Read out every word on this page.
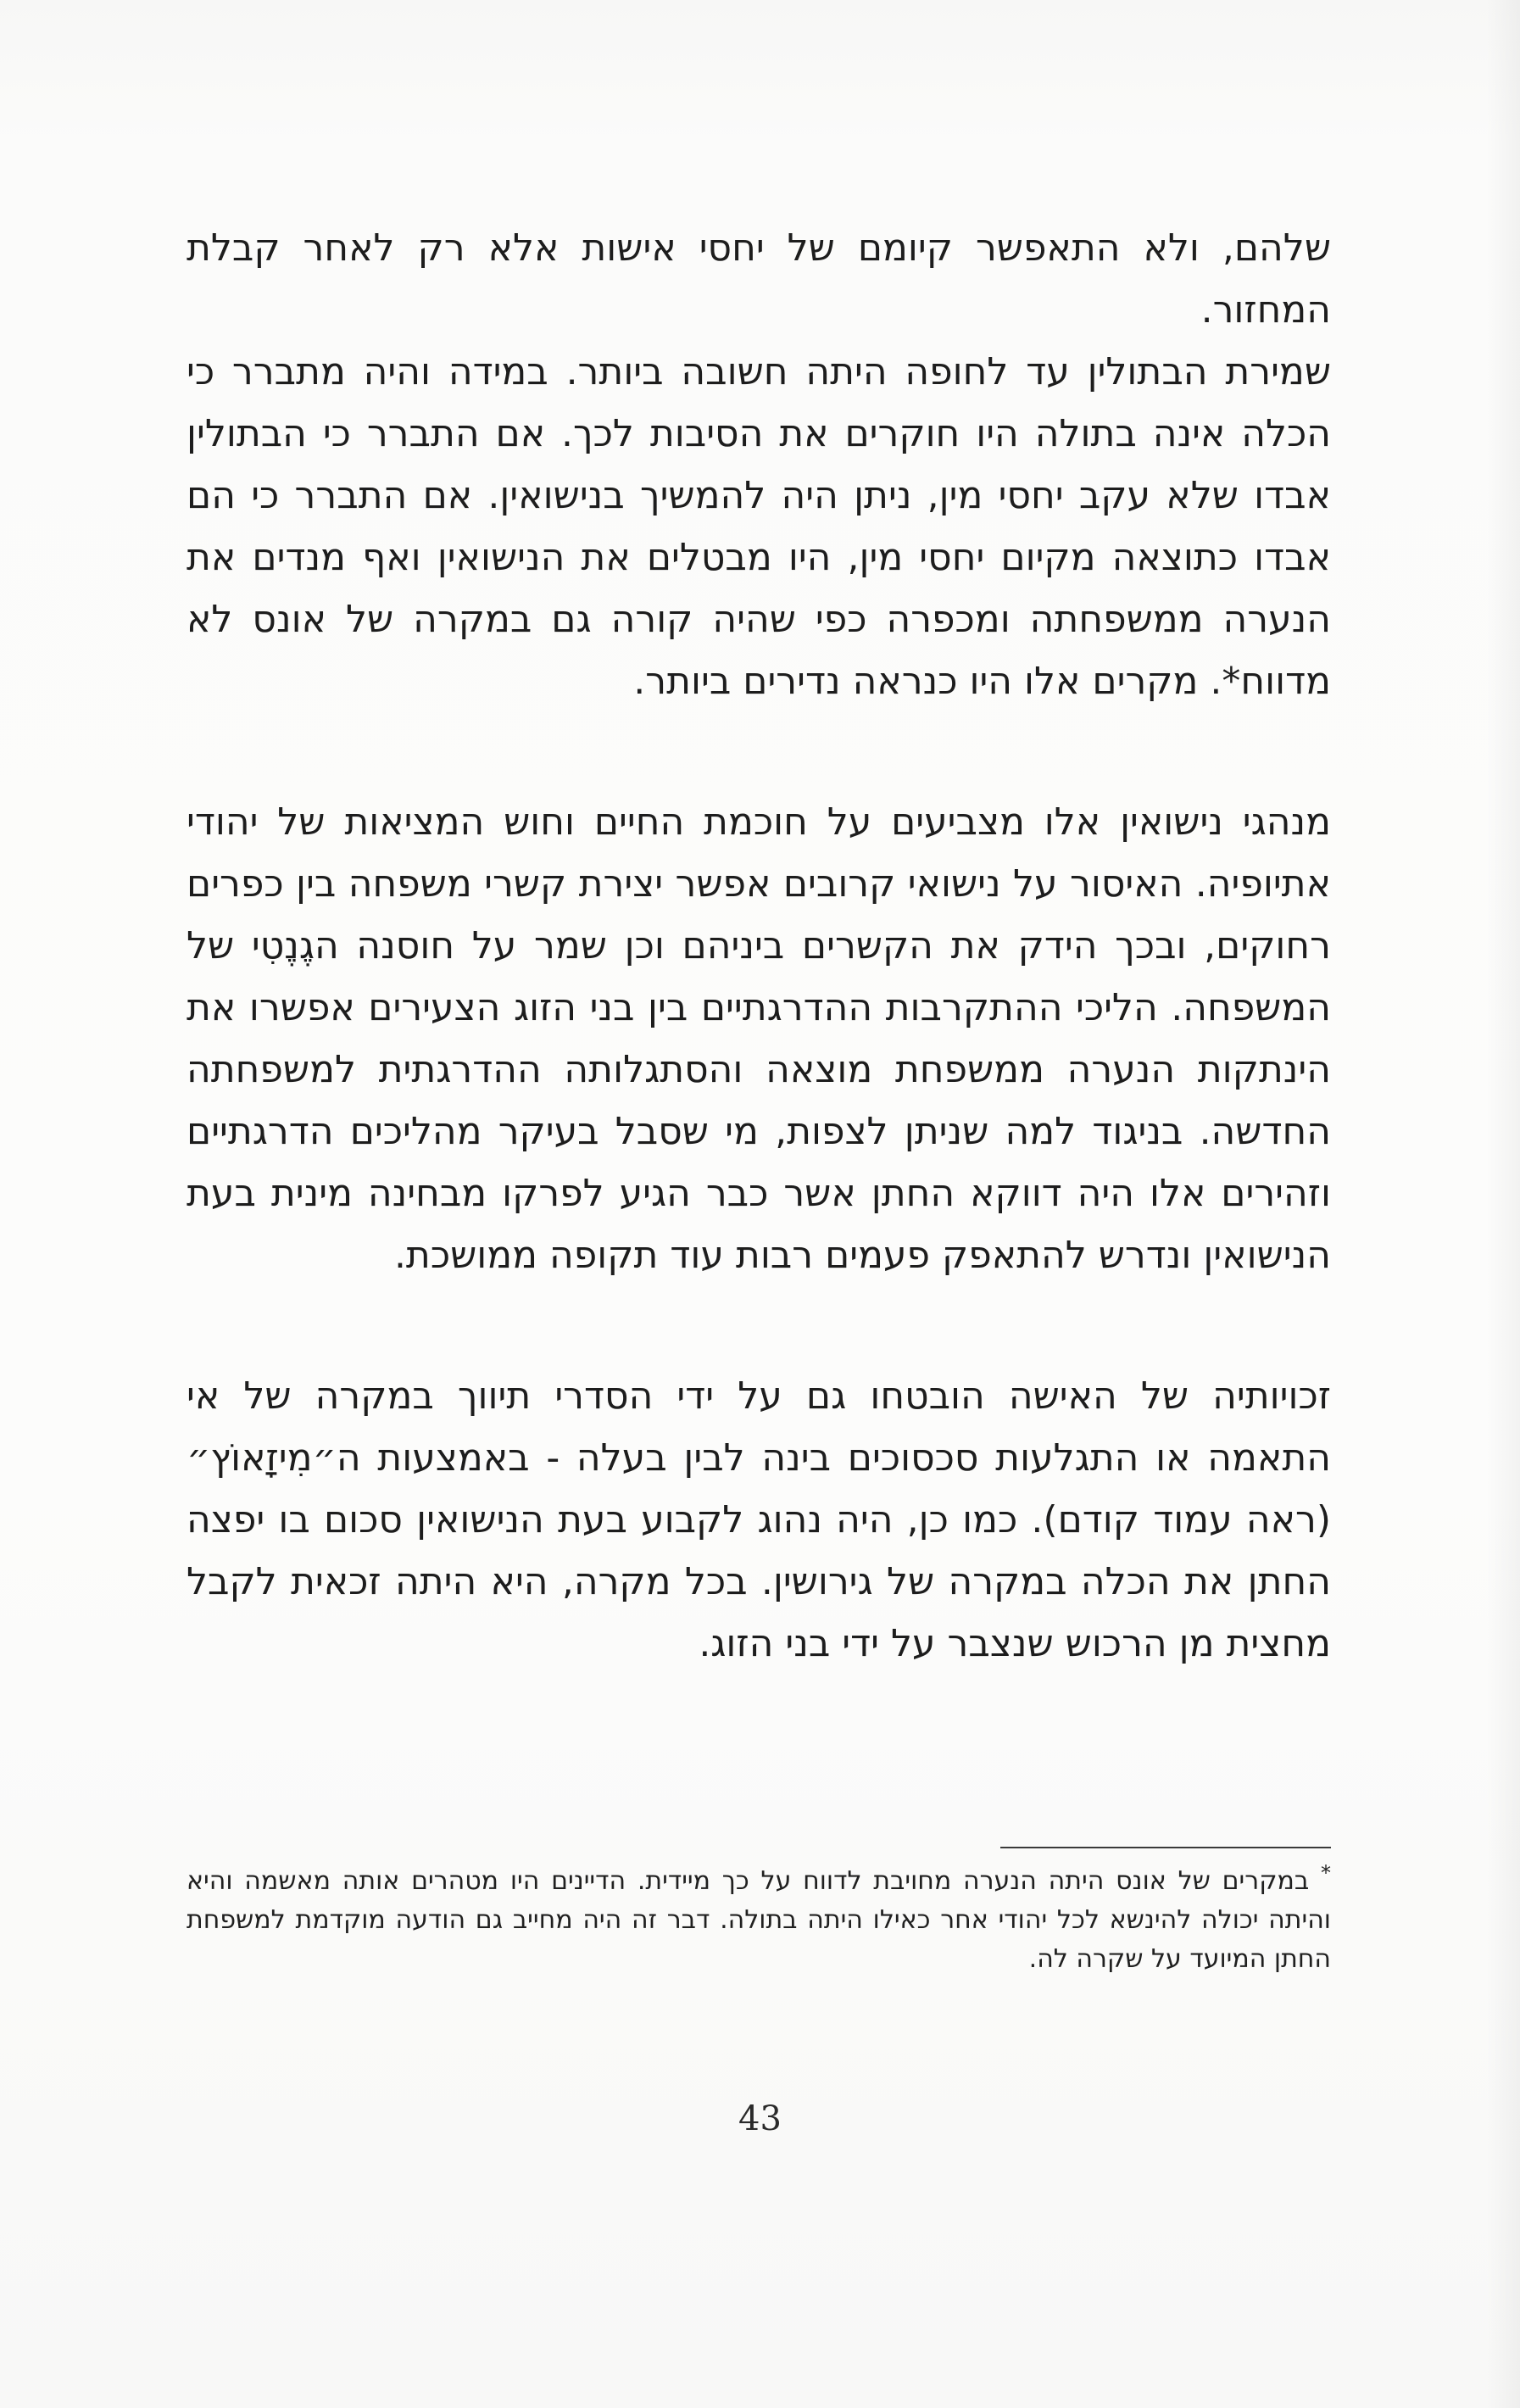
שלהם, ולא התאפשר קיומם של יחסי אישות אלא רק לאחר קבלת המחזור.

שמירת הבתולין עד לחופה היתה חשובה ביותר. במידה והיה מתברר כי הכלה אינה בתולה היו חוקרים את הסיבות לכך. אם התברר כי הבתולין אבדו שלא עקב יחסי מין, ניתן היה להמשיך בנישואין. אם התברר כי הם אבדו כתוצאה מקיום יחסי מין, היו מבטלים את הנישואין ואף מנדים את הנערה ממשפחתה ומכפרה כפי שהיה קורה גם במקרה של אונס לא מדווח*. מקרים אלו היו כנראה נדירים ביותר.

מנהגי נישואין אלו מצביעים על חוכמת החיים וחוש המציאות של יהודי אתיופיה. האיסור על נישואי קרובים אפשר יצירת קשרי משפחה בין כפרים רחוקים, ובכך הידק את הקשרים ביניהם וכן שמר על חוסנה הגֶנֶטִי של המשפחה. הליכי ההתקרבות ההדרגתיים בין בני הזוג הצעירים אפשרו את הינתקות הנערה ממשפחת מוצאה והסתגלותה ההדרגתית למשפחתה החדשה. בניגוד למה שניתן לצפות, מי שסבל בעיקר מהליכים הדרגתיים וזהירים אלו היה דווקא החתן אשר כבר הגיע לפרקו מבחינה מינית בעת הנישואין ונדרש להתאפק פעמים רבות עוד תקופה ממושכת.

זכויותיה של האישה הובטחו גם על ידי הסדרי תיווך במקרה של אי התאמה או התגלעות סכסוכים בינה לבין בעלה - באמצעות ה״מִיזָאוֹץ״ (ראה עמוד קודם). כמו כן, היה נהוג לקבוע בעת הנישואין סכום בו יפצה החתן את הכלה במקרה של גירושין. בכל מקרה, היא היתה זכאית לקבל מחצית מן הרכוש שנצבר על ידי בני הזוג.

* במקרים של אונס היתה הנערה מחויבת לדווח על כך מיידית. הדיינים היו מטהרים אותה מאשמה והיא והיתה יכולה להינשא לכל יהודי אחר כאילו היתה בתולה. דבר זה היה מחייב גם הודעה מוקדמת למשפחת החתן המיועד על שקרה לה.
43
